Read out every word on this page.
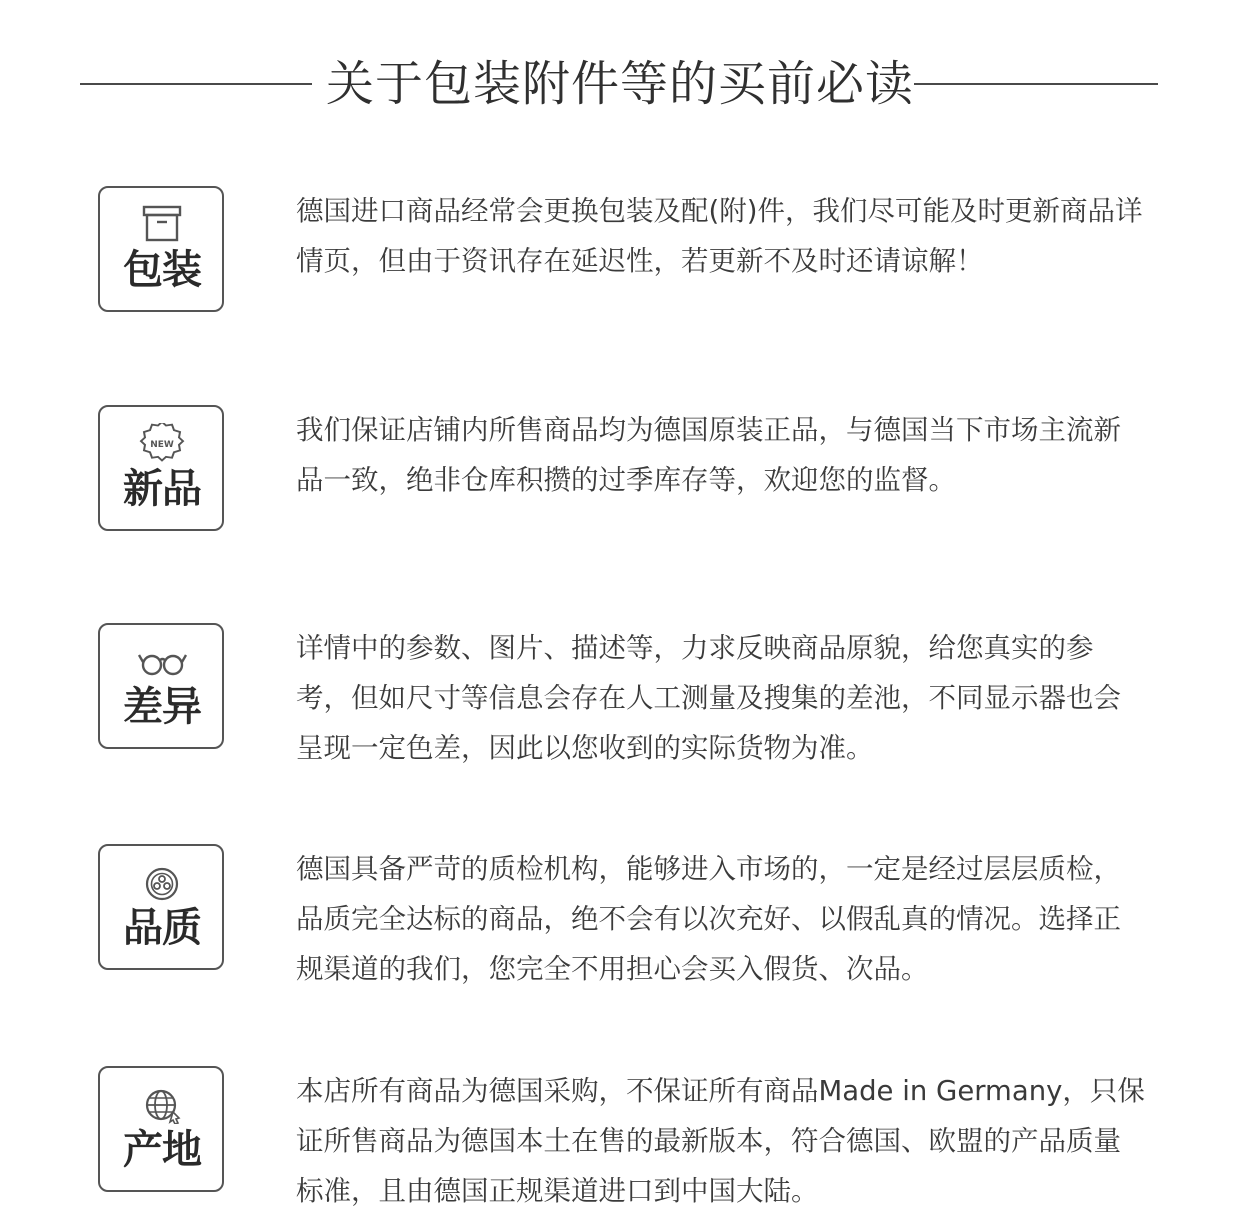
关于包装附件等的买前必读
包装

德国进口商品经常会更换包装及配(附)件，我们尽可能及时更新商品详情页，但由于资讯存在延迟性，若更新不及时还请谅解！

NEW
新品

我们保证店铺内所售商品均为德国原装正品，与德国当下市场主流新品一致，绝非仓库积攒的过季库存等，欢迎您的监督。

差异

详情中的参数、图片、描述等，力求反映商品原貌，给您真实的参考，但如尺寸等信息会存在人工测量及搜集的差池，不同显示器也会呈现一定色差，因此以您收到的实际货物为准。

品质

德国具备严苛的质检机构，能够进入市场的，一定是经过层层质检，品质完全达标的商品，绝不会有以次充好、以假乱真的情况。选择正规渠道的我们，您完全不用担心会买入假货、次品。

产地

本店所有商品为德国采购，不保证所有商品Made in Germany，只保证所售商品为德国本土在售的最新版本，符合德国、欧盟的产品质量标准，且由德国正规渠道进口到中国大陆。
